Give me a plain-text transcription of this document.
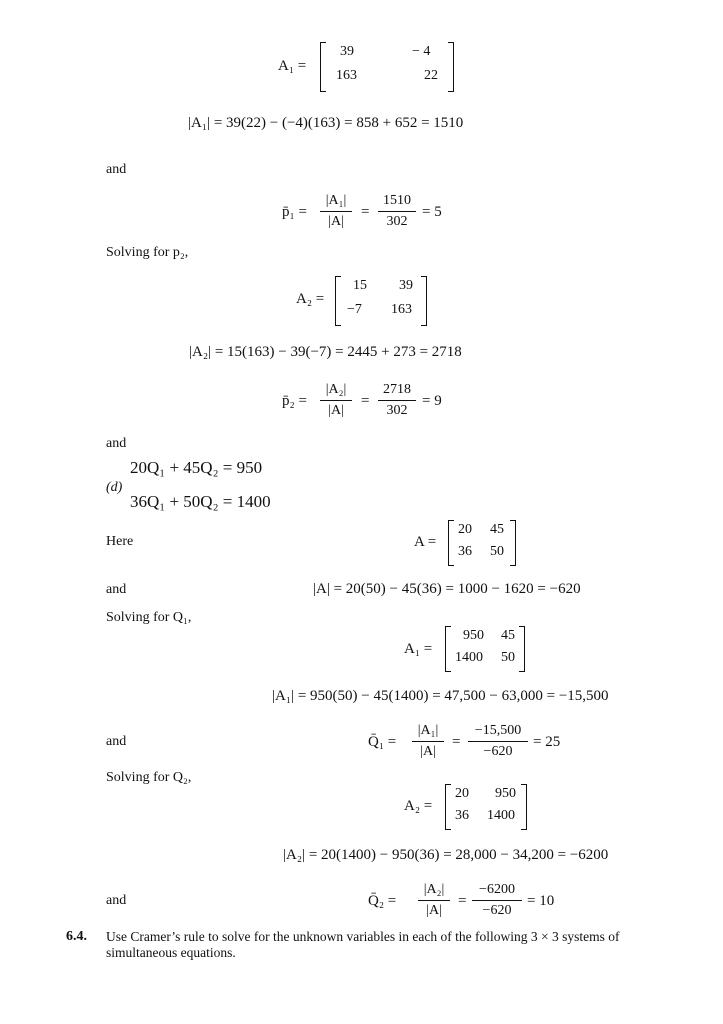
A₁ =
39	− 4
163	22
|A₁| = 39(22) − (−4)(163) = 858 + 652 = 1510
and
p̄₁ =
|A₁|
|A|
=
1510
302
= 5
Solving for p₂,
A₂ =
15 39
−7 163
|A₂| = 15(163) − 39(−7) = 2445 + 273 = 2718
p̄₂ =
|A₂|
|A|
=
2718
302
= 9
and
20Q₁ + 45Q₂ = 950
(d)
36Q₁ + 50Q₂ = 1400
Here	A =
20 45
36 50
and	|A| = 20(50) − 45(36) = 1000 − 1620 = −620
Solving for Q₁,
A₁ =
950 45
1400 50
|A₁| = 950(50) − 45(1400) = 47,500 − 63,000 = −15,500
and	Q̄₁ =
|A₁|
|A|
=
−15,500
−620
= 25
Solving for Q₂,
A₂ =
20 950
36 1400
|A₂| = 20(1400) − 950(36) = 28,000 − 34,200 = −6200
and	Q̄₂ =
|A₂|
|A|
=
−6200
−620
= 10
6.4. Use Cramer’s rule to solve for the unknown variables in each of the following 3 × 3 systems of
simultaneous equations.
